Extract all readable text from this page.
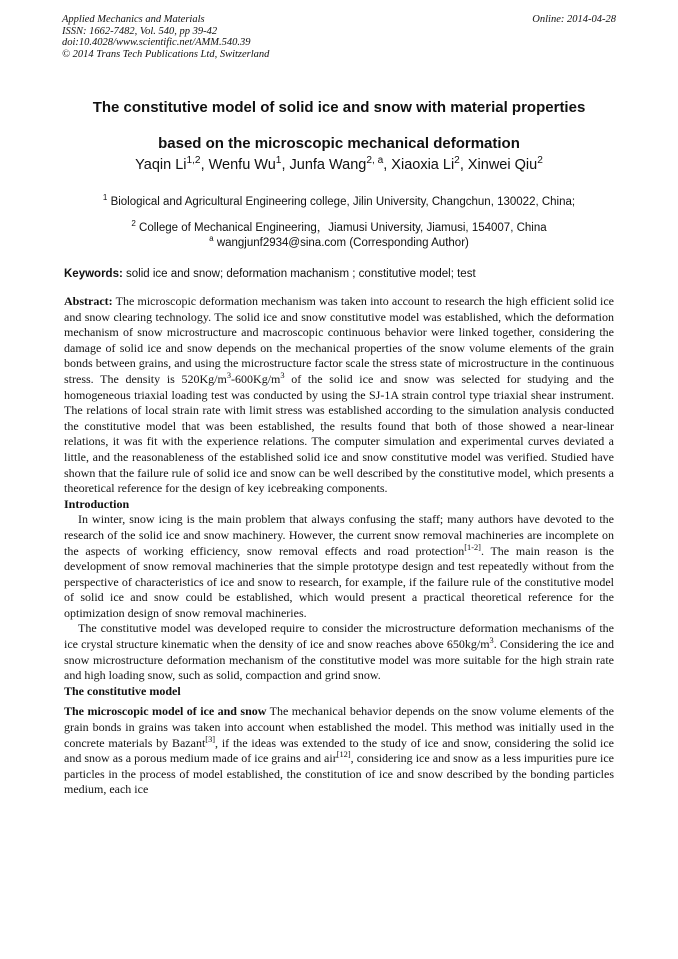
Applied Mechanics and Materials
ISSN: 1662-7482, Vol. 540, pp 39-42
doi:10.4028/www.scientific.net/AMM.540.39
© 2014 Trans Tech Publications Ltd, Switzerland
Online: 2014-04-28
The constitutive model of solid ice and snow with material properties
based on the microscopic mechanical deformation
Yaqin Li$^{1,2}$, Wenfu Wu$^1$, Junfa Wang$^{2, a}$, Xiaoxia Li$^2$, Xinwei Qiu$^2$
$^1$ Biological and Agricultural Engineering college, Jilin University, Changchun, 130022, China;
$^2$ College of Mechanical Engineering，Jiamusi University, Jiamusi, 154007, China
$^a$ wangjunf2934@sina.com (Corresponding Author)
Keywords: solid ice and snow; deformation machanism ; constitutive model; test

Abstract: The microscopic deformation mechanism was taken into account to research the high efficient solid ice and snow clearing technology. The solid ice and snow constitutive model was established, which the deformation mechanism of snow microstructure and macroscopic continuous behavior were linked together, considering the damage of solid ice and snow depends on the mechanical properties of the snow volume elements of the grain bonds between grains, and using the microstructure factor scale the stress state of microstructure in the continuous stress. The density is $520Kg/m^3-600Kg/m^3$ of the solid ice and snow was selected for studying and the homogeneous triaxial loading test was conducted by using the SJ-1A strain control type triaxial shear instrument. The relations of local strain rate with limit stress was established according to the simulation analysis conducted the constitutive model that was been established, the results found that both of those showed a near-linear relations, it was fit with the experience relations. The computer simulation and experimental curves deviated a little, and the reasonableness of the established solid ice and snow constitutive model was verified. Studied have shown that the failure rule of solid ice and snow can be well described by the constitutive model, which presents a theoretical reference for the design of key icebreaking components.

Introduction

In winter, snow icing is the main problem that always confusing the staff; many authors have devoted to the research of the solid ice and snow machinery. However, the current snow removal machineries are incomplete on the aspects of working efficiency, snow removal effects and road protection[1-2]. The main reason is the development of snow removal machineries that the simple prototype design and test repeatedly without from the perspective of characteristics of ice and snow to research, for example, if the failure rule of the constitutive model of solid ice and snow could be established, which would present a practical theoretical reference for the optimization design of snow removal machineries.

The constitutive model was developed require to consider the microstructure deformation mechanisms of the ice crystal structure kinematic when the density of ice and snow reaches above $650kg/m^3$. Considering the ice and snow microstructure deformation mechanism of the constitutive model was more suitable for the high strain rate and high loading snow, such as solid, compaction and grind snow.

The constitutive model

The microscopic model of ice and snow The mechanical behavior depends on the snow volume elements of the grain bonds in grains was taken into account when established the model. This method was initially used in the concrete materials by Bazant[3], if the ideas was extended to the study of ice and snow, considering the solid ice and snow as a porous medium made of ice grains and air[12], considering ice and snow as a less impurities pure ice particles in the process of model established, the constitution of ice and snow described by the bonding particles medium, each ice
